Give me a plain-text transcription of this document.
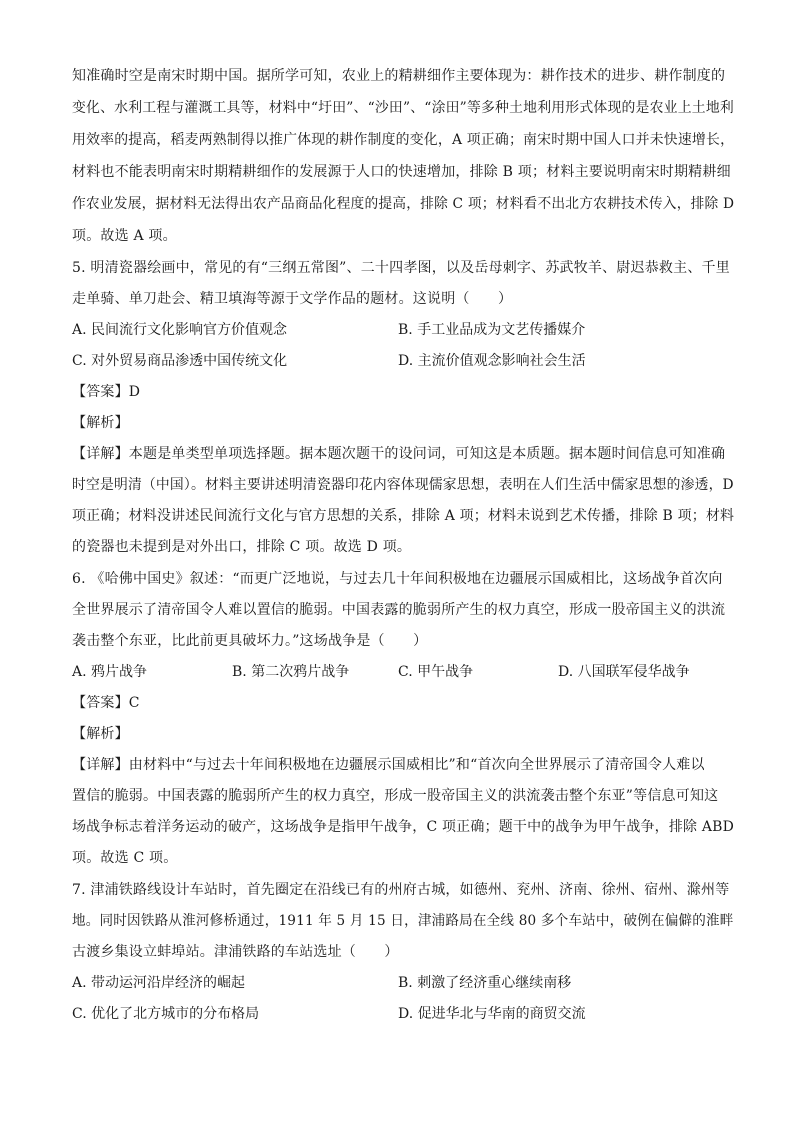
知准确时空是南宋时期中国。据所学可知，农业上的精耕细作主要体现为：耕作技术的进步、耕作制度的
变化、水利工程与灌溉工具等，材料中“圩田”、“沙田”、“涂田”等多种土地利用形式体现的是农业上土地利
用效率的提高，稻麦两熟制得以推广体现的耕作制度的变化，A 项正确；南宋时期中国人口并未快速增长，
材料也不能表明南宋时期精耕细作的发展源于人口的快速增加，排除 B 项；材料主要说明南宋时期精耕细
作农业发展，据材料无法得出农产品商品化程度的提高，排除 C 项；材料看不出北方农耕技术传入，排除 D
项。故选 A 项。
5. 明清瓷器绘画中，常见的有“三纲五常图”、二十四孝图，以及岳母刺字、苏武牧羊、尉迟恭救主、千里
走单骑、单刀赴会、精卫填海等源于文学作品的题材。这说明（　　）
A. 民间流行文化影响官方价值观念	B. 手工业品成为文艺传播媒介
C. 对外贸易商品渗透中国传统文化	D. 主流价值观念影响社会生活
【答案】D
【解析】
【详解】本题是单类型单项选择题。据本题次题干的设问词，可知这是本质题。据本题时间信息可知准确
时空是明清（中国）。材料主要讲述明清瓷器印花内容体现儒家思想，表明在人们生活中儒家思想的渗透，D
项正确；材料没讲述民间流行文化与官方思想的关系，排除 A 项；材料未说到艺术传播，排除 B 项；材料
的瓷器也未提到是对外出口，排除 C 项。故选 D 项。
6. 《哈佛中国史》叙述：“而更广泛地说，与过去几十年间积极地在边疆展示国威相比，这场战争首次向
全世界展示了清帝国令人难以置信的脆弱。中国表露的脆弱所产生的权力真空，形成一股帝国主义的洪流
袭击整个东亚，比此前更具破坏力。”这场战争是（　　）
A. 鸦片战争	B. 第二次鸦片战争	C. 甲午战争	D. 八国联军侵华战争
【答案】C
【解析】
【详解】由材料中“与过去十年间积极地在边疆展示国威相比”和“首次向全世界展示了清帝国令人难以
置信的脆弱。中国表露的脆弱所产生的权力真空，形成一股帝国主义的洪流袭击整个东亚”等信息可知这
场战争标志着洋务运动的破产，这场战争是指甲午战争，C 项正确；题干中的战争为甲午战争，排除 ABD
项。故选 C 项。
7. 津浦铁路线设计车站时，首先圈定在沿线已有的州府古城，如德州、兖州、济南、徐州、宿州、滁州等
地。同时因铁路从淮河修桥通过，1911 年 5 月 15 日，津浦路局在全线 80 多个车站中，破例在偏僻的淮畔
古渡乡集设立蚌埠站。津浦铁路的车站选址（　　）
A. 带动运河沿岸经济的崛起	B. 刺激了经济重心继续南移
C. 优化了北方城市的分布格局	D. 促进华北与华南的商贸交流
